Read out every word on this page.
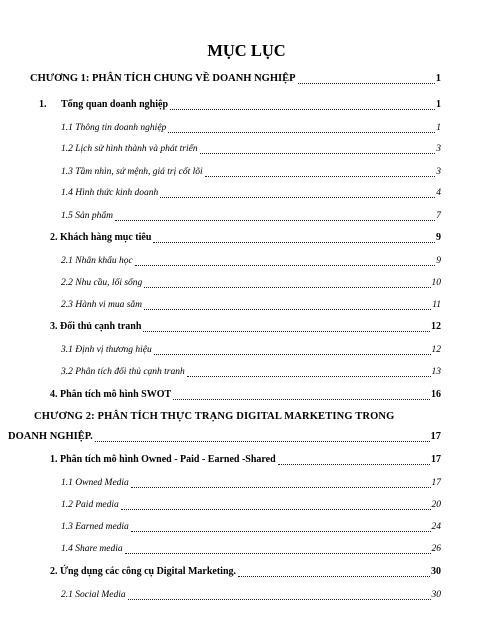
MỤC LỤC
CHƯƠNG 1: PHÂN TÍCH CHUNG VỀ DOANH NGHIỆP	1
1. Tổng quan doanh nghiệp	1
1.1 Thông tin doanh nghiệp	1
1.2 Lịch sử hình thành và phát triển	3
1.3 Tầm nhìn, sứ mệnh, giá trị cốt lõi	3
1.4 Hình thức kinh doanh	4
1.5 Sản phẩm	7
2. Khách hàng mục tiêu	9
2.1 Nhân khẩu học	9
2.2 Nhu cầu, lối sống	10
2.3 Hành vi mua sắm	11
3. Đối thủ cạnh tranh	12
3.1 Định vị thương hiệu	12
3.2 Phân tích đối thủ cạnh tranh	13
4. Phân tích mô hình SWOT	16
CHƯƠNG 2: PHÂN TÍCH THỰC TRẠNG DIGITAL MARKETING TRONG
DOANH NGHIỆP.	17
1. Phân tích mô hình Owned - Paid - Earned -Shared	17
1.1 Owned Media	17
1.2 Paid media	20
1.3 Earned media	24
1.4 Share media	26
2. Ứng dụng các công cụ Digital Marketing.	30
2.1 Social Media	30
